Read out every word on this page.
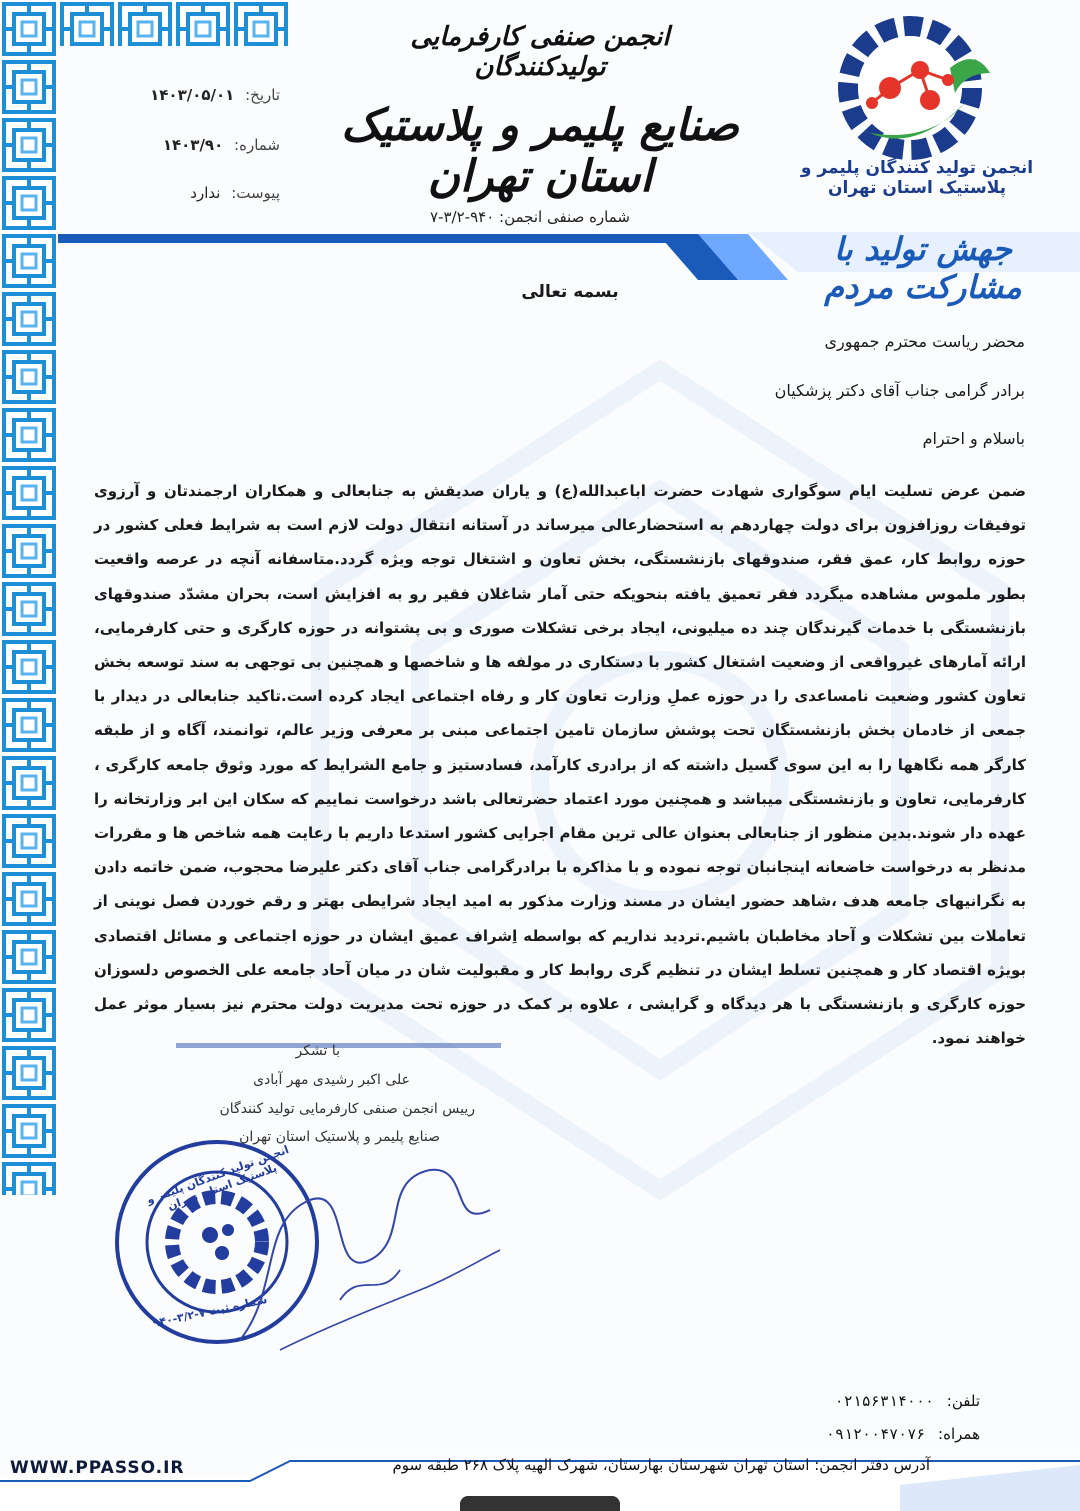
انجمن تولید کنندگان پلیمر و پلاستیک استان تهران
انجمن صنفی کارفرمایی تولیدکنندگان
صنایع پلیمر و پلاستیک استان تهران
شماره صنفی انجمن: ۹۴۰-۳/۲-۷
تاریخ: ۱۴۰۳/۰۵/۰۱
شماره: ۱۴۰۳/۹۰
پیوست: ندارد
جهش تولید با مشارکت مردم
بسمه تعالی
محضر ریاست محترم جمهوری
برادر گرامی جناب آقای دکتر پزشکیان
باسلام و احترام
ضمن عرض تسلیت ایام سوگواری شهادت حضرت اباعبدالله(ع) و یاران صدیقش به جنابعالی و همکاران ارجمندتان و آرزوی توفیقات روزافزون برای دولت چهاردهم به استحضارعالی میرساند در آستانه انتقال دولت لازم است به شرایط فعلی کشور در حوزه روابط کار، عمق فقر، صندوقهای بازنشستگی، بخش تعاون و اشتغال توجه ویژه گردد.متاسفانه آنچه در عرصه واقعیت بطور ملموس مشاهده میگردد فقر تعمیق یافته بنحویکه حتی آمار شاغلان فقیر رو به افزایش است، بحران مشدّد صندوقهای بازنشستگی با خدمات گیرندگان چند ده میلیونی، ایجاد برخی تشکلات صوری و بی پشتوانه در حوزه کارگری و حتی کارفرمایی، ارائه آمارهای غیرواقعی از وضعیت اشتغال کشور با دستکاری در مولفه ها و شاخصها و همچنین بی توجهی به سند توسعه بخش تعاون کشور وضعیت نامساعدی را در حوزه عملِ وزارت تعاون کار و رفاه اجتماعی ایجاد کرده است.تاکید جنابعالی در دیدار با جمعی از خادمان بخش بازنشستگان تحت پوشش سازمان تامین اجتماعی مبنی بر معرفی وزیر عالم، توانمند، آگاه و از طبقه کارگر همه نگاهها را به این سوی گسیل داشته که از برادری کارآمد، فسادستیز و جامع الشرایط که مورد وثوق جامعه کارگری ، کارفرمایی، تعاون و بازنشستگی میباشد و همچنین مورد اعتماد حضرتعالی باشد درخواست نماییم که سکان این ابر وزارتخانه را عهده دار شوند.بدین منظور از جنابعالی بعنوان عالی ترین مقام اجرایی کشور استدعا داریم با رعایت همه شاخص ها و مقررات مدنظر به درخواست خاضعانه اینجانبان توجه نموده و با مذاکره با برادرگرامی جناب آقای دکتر علیرضا محجوب، ضمن خاتمه دادن به نگرانیهای جامعه هدف ،شاهد حضور ایشان در مسند وزارت مذکور به امید ایجاد شرایطی بهتر و رقم خوردن فصل نوینی از تعاملات بین تشکلات و آحاد مخاطبان باشیم.تردید نداریم که بواسطه اِشراف عمیق ایشان در حوزه اجتماعی و مسائل اقتصادی بویژه اقتصاد کار و همچنین تسلط ایشان در تنظیم گری روابط کار و مقبولیت شان در میان آحاد جامعه علی الخصوص دلسوزان حوزه کارگری و بازنشستگی با هر دیدگاه و گرایشی ، علاوه بر کمک در حوزه تحت مدیریت دولت محترم نیز بسیار موثر عمل خواهند نمود.
با تشکر
علی اکبر رشیدی مهر آبادی
رییس انجمن صنفی کارفرمایی تولید کنندگان
صنایع پلیمر و پلاستیک استان تهران
انجمن تولید کنندگان پلیمر و پلاستیک استان تهران
شماره ثبت ۷-۳/۲-۹۴۰
تلفن: ۰۲۱۵۶۳۱۴۰۰۰
همراه: ۰۹۱۲۰۰۴۷۰۷۶
WWW.PPASSO.IR	آدرس دفتر انجمن: استان تهران شهرستان بهارستان، شهرک الهیه پلاک ۲۶۸ طبقه سوم
